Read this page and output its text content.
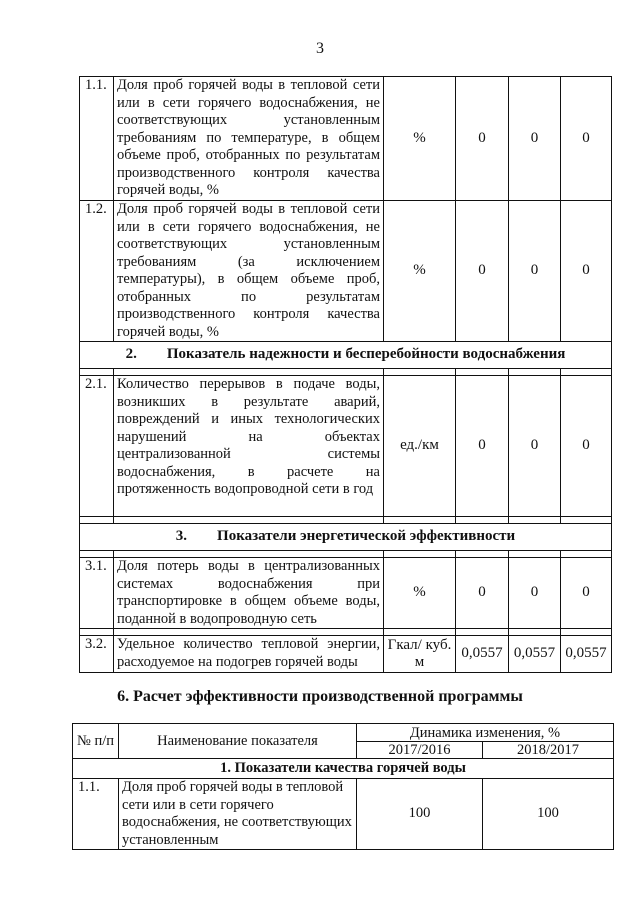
3
1.1.	Доля проб горячей воды в тепловой сети или в сети горячего водоснабжения, не соответствующих установленным требованиям по температуре, в общем объеме проб, отобранных по результатам производственного контроля качества горячей воды, %	%	0	0	0
1.2.	Доля проб горячей воды в тепловой сети или в сети горячего водоснабжения, не соответствующих установленным требованиям (за исключением температуры), в общем объеме проб, отобранных по результатам производственного контроля качества горячей воды, %	%	0	0	0
2.        Показатель надежности и бесперебойности водоснабжения					

2.1.	Количество перерывов в подаче воды, возникших в результате аварий, повреждений и иных технологических нарушений на объектах централизованной системы водоснабжения, в расчете на протяженность водопроводной сети в год	ед./км	0	0	0

3.        Показатели энергетической эффективности					

3.1.	Доля потерь воды в централизованных системах водоснабжения при транспортировке в общем объеме воды, поданной в водопроводную сеть	%	0	0	0

3.2.	Удельное количество тепловой энергии, расходуемое на подогрев горячей воды	Гкал/ куб. м	0,0557	0,0557	0,0557
6. Расчет эффективности производственной программы
№ п/п	Наименование показателя	Динамика изменения, %	
		2017/2016	2018/2017
1. Показатели качества горячей воды			
1.1.	Доля проб горячей воды в тепловой сети или в сети горячего водоснабжения, не соответствующих установленным	100	100
